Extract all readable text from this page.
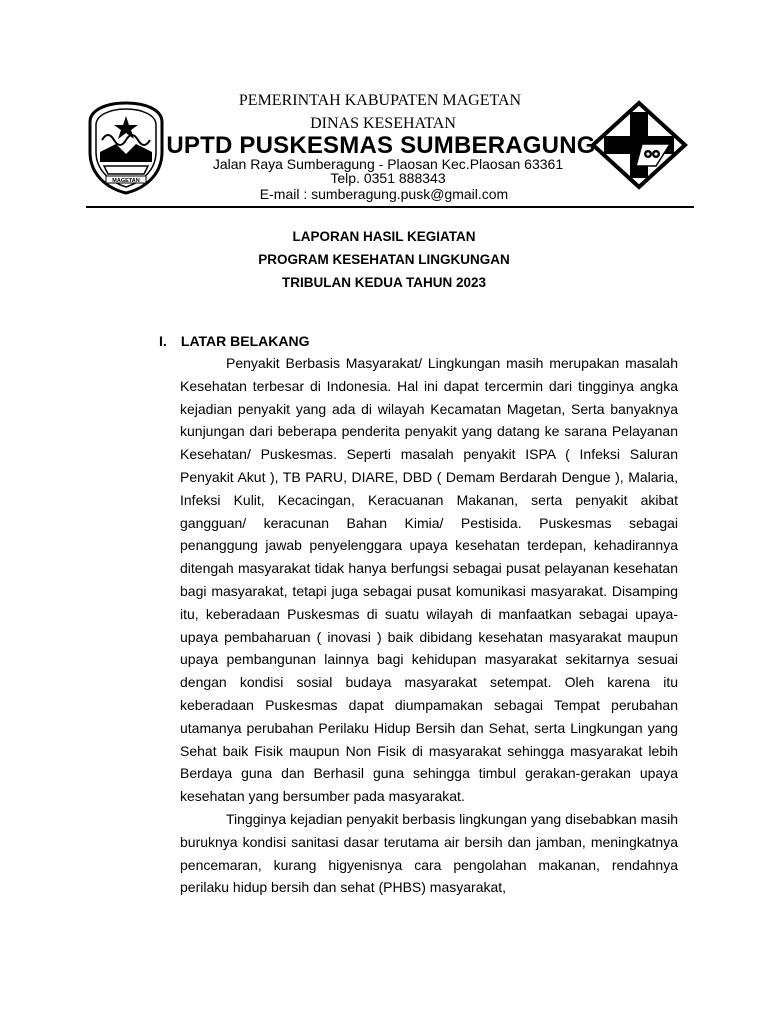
MAGETAN
PEMERINTAH KABUPATEN MAGETAN
DINAS KESEHATAN
UPTD PUSKESMAS SUMBERAGUNG
Jalan Raya Sumberagung - Plaosan Kec.Plaosan 63361
Telp. 0351 888343
E-mail : sumberagung.pusk@gmail.com
LAPORAN HASIL KEGIATAN
PROGRAM KESEHATAN LINGKUNGAN
TRIBULAN KEDUA TAHUN 2023
I. LATAR BELAKANG

Penyakit Berbasis Masyarakat/ Lingkungan masih merupakan masalah Kesehatan terbesar di Indonesia. Hal ini dapat tercermin dari tingginya angka kejadian penyakit yang ada di wilayah Kecamatan Magetan, Serta banyaknya kunjungan dari beberapa penderita penyakit yang datang ke sarana Pelayanan Kesehatan/ Puskesmas. Seperti masalah penyakit ISPA ( Infeksi Saluran Penyakit Akut ), TB PARU, DIARE, DBD ( Demam Berdarah Dengue ), Malaria, Infeksi Kulit, Kecacingan, Keracuanan Makanan, serta penyakit akibat gangguan/ keracunan Bahan Kimia/ Pestisida. Puskesmas sebagai penanggung jawab penyelenggara upaya kesehatan terdepan, kehadirannya ditengah masyarakat tidak hanya berfungsi sebagai pusat pelayanan kesehatan bagi masyarakat, tetapi juga sebagai pusat komunikasi masyarakat. Disamping itu, keberadaan Puskesmas di suatu wilayah di manfaatkan sebagai upaya-upaya pembaharuan ( inovasi ) baik dibidang kesehatan masyarakat maupun upaya pembangunan lainnya bagi kehidupan masyarakat sekitarnya sesuai dengan kondisi sosial budaya masyarakat setempat. Oleh karena itu keberadaan Puskesmas dapat diumpamakan sebagai Tempat perubahan utamanya perubahan Perilaku Hidup Bersih dan Sehat, serta Lingkungan yang Sehat baik Fisik maupun Non Fisik di masyarakat sehingga masyarakat lebih Berdaya guna dan Berhasil guna sehingga timbul gerakan-gerakan upaya kesehatan yang bersumber pada masyarakat.

Tingginya kejadian penyakit berbasis lingkungan yang disebabkan masih buruknya kondisi sanitasi dasar terutama air bersih dan jamban, meningkatnya pencemaran, kurang higyenisnya cara pengolahan makanan, rendahnya perilaku hidup bersih dan sehat (PHBS) masyarakat,
